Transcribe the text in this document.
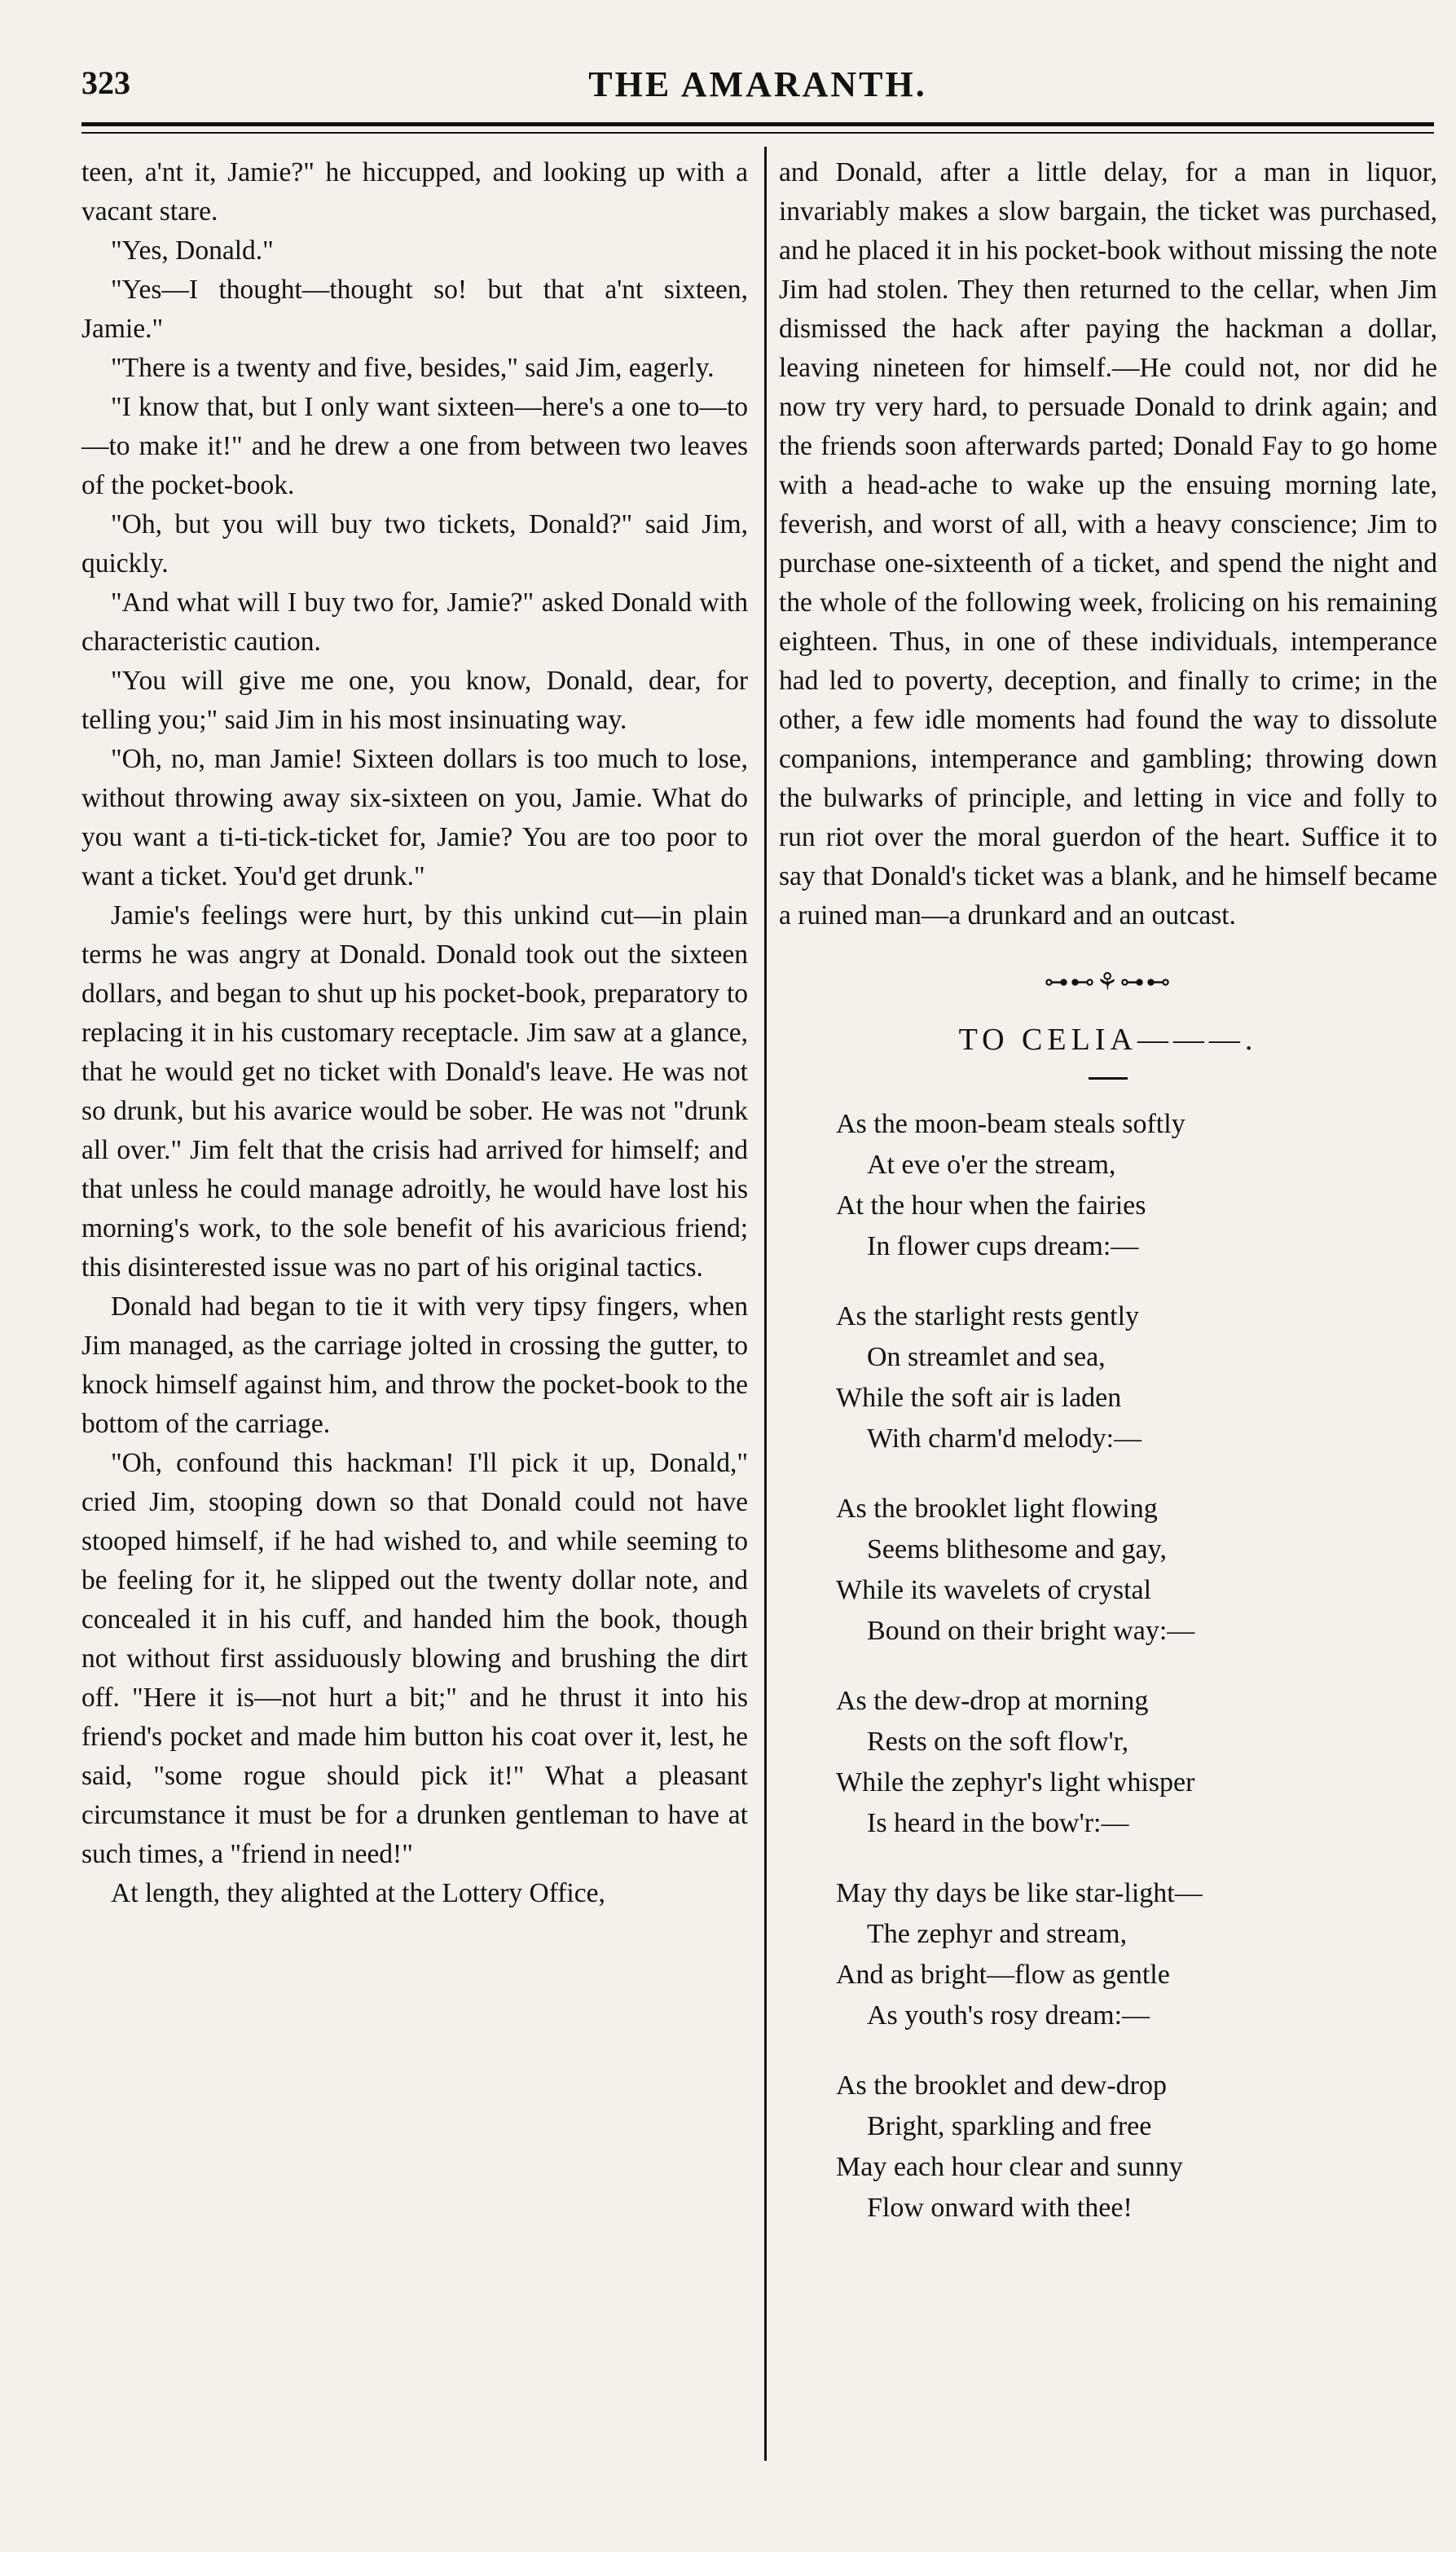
323	THE AMARANTH.

teen, a'nt it, Jamie?" he hiccupped, and looking up with a vacant stare.

"Yes, Donald."

"Yes—I thought—thought so! but that a'nt sixteen, Jamie."

"There is a twenty and five, besides," said Jim, eagerly.

"I know that, but I only want sixteen—here's a one to—to—to make it!" and he drew a one from between two leaves of the pocket-book.

"Oh, but you will buy two tickets, Donald?" said Jim, quickly.

"And what will I buy two for, Jamie?" asked Donald with characteristic caution.

"You will give me one, you know, Donald, dear, for telling you;" said Jim in his most insinuating way.

"Oh, no, man Jamie! Sixteen dollars is too much to lose, without throwing away six-sixteen on you, Jamie. What do you want a ti-ti-tick-ticket for, Jamie? You are too poor to want a ticket. You'd get drunk."

Jamie's feelings were hurt, by this unkind cut—in plain terms he was angry at Donald. Donald took out the sixteen dollars, and began to shut up his pocket-book, preparatory to replacing it in his customary receptacle. Jim saw at a glance, that he would get no ticket with Donald's leave. He was not so drunk, but his avarice would be sober. He was not "drunk all over." Jim felt that the crisis had arrived for himself; and that unless he could manage adroitly, he would have lost his morning's work, to the sole benefit of his avaricious friend; this disinterested issue was no part of his original tactics.

Donald had began to tie it with very tipsy fingers, when Jim managed, as the carriage jolted in crossing the gutter, to knock himself against him, and throw the pocket-book to the bottom of the carriage.

"Oh, confound this hackman! I'll pick it up, Donald," cried Jim, stooping down so that Donald could not have stooped himself, if he had wished to, and while seeming to be feeling for it, he slipped out the twenty dollar note, and concealed it in his cuff, and handed him the book, though not without first assiduously blowing and brushing the dirt off. "Here it is—not hurt a bit;" and he thrust it into his friend's pocket and made him button his coat over it, lest, he said, "some rogue should pick it!" What a pleasant circumstance it must be for a drunken gentleman to have at such times, a "friend in need!"

At length, they alighted at the Lottery Office,

and Donald, after a little delay, for a man in liquor, invariably makes a slow bargain, the ticket was purchased, and he placed it in his pocket-book without missing the note Jim had stolen. They then returned to the cellar, when Jim dismissed the hack after paying the hackman a dollar, leaving nineteen for himself.—He could not, nor did he now try very hard, to persuade Donald to drink again; and the friends soon afterwards parted; Donald Fay to go home with a head-ache to wake up the ensuing morning late, feverish, and worst of all, with a heavy conscience; Jim to purchase one-sixteenth of a ticket, and spend the night and the whole of the following week, frolicing on his remaining eighteen. Thus, in one of these individuals, intemperance had led to poverty, deception, and finally to crime; in the other, a few idle moments had found the way to dissolute companions, intemperance and gambling; throwing down the bulwarks of principle, and letting in vice and folly to run riot over the moral guerdon of the heart. Suffice it to say that Donald's ticket was a blank, and he himself became a ruined man—a drunkard and an outcast.

⊶⊷⚘⊶⊷
TO CELIA———.
As the moon-beam steals softly
At eve o'er the stream,
At the hour when the fairies
In flower cups dream:—
As the starlight rests gently
On streamlet and sea,
While the soft air is laden
With charm'd melody:—
As the brooklet light flowing
Seems blithesome and gay,
While its wavelets of crystal
Bound on their bright way:—
As the dew-drop at morning
Rests on the soft flow'r,
While the zephyr's light whisper
Is heard in the bow'r:—
May thy days be like star-light—
The zephyr and stream,
And as bright—flow as gentle
As youth's rosy dream:—
As the brooklet and dew-drop
Bright, sparkling and free
May each hour clear and sunny
Flow onward with thee!
